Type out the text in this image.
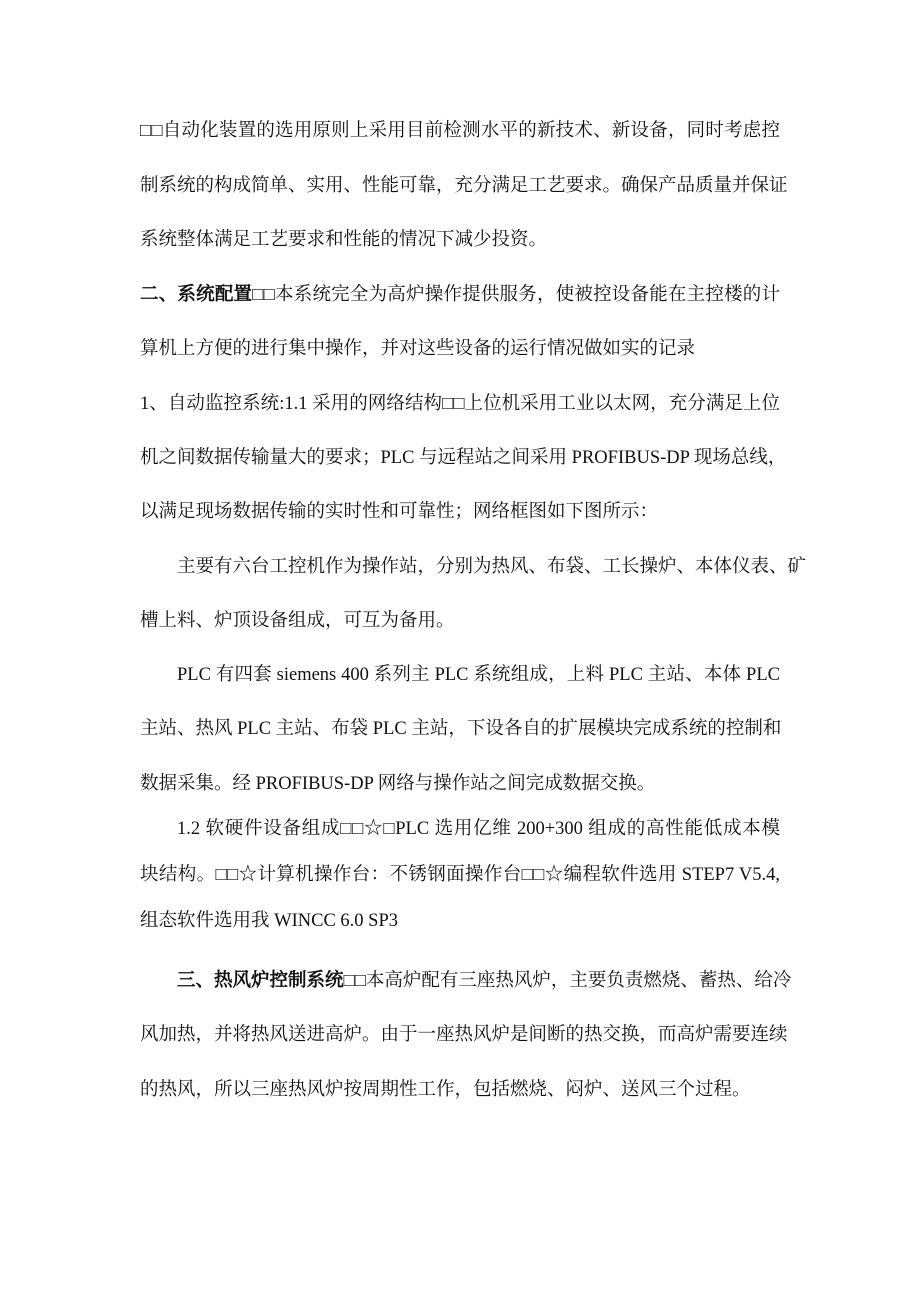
□□自动化装置的选用原则上采用目前检测水平的新技术、新设备，同时考虑控
制系统的构成简单、实用、性能可靠，充分满足工艺要求。确保产品质量并保证
系统整体满足工艺要求和性能的情况下减少投资。
二、系统配置□□本系统完全为高炉操作提供服务，使被控设备能在主控楼的计
算机上方便的进行集中操作，并对这些设备的运行情况做如实的记录
1、自动监控系统:1.1 采用的网络结构□□上位机采用工业以太网，充分满足上位
机之间数据传输量大的要求；PLC 与远程站之间采用 PROFIBUS-DP 现场总线，
以满足现场数据传输的实时性和可靠性；网络框图如下图所示：
主要有六台工控机作为操作站，分别为热风、布袋、工长操炉、本体仪表、矿
槽上料、炉顶设备组成，可互为备用。
PLC 有四套 siemens 400 系列主 PLC 系统组成，上料 PLC 主站、本体 PLC
主站、热风 PLC 主站、布袋 PLC 主站，下设各自的扩展模块完成系统的控制和
数据采集。经 PROFIBUS-DP 网络与操作站之间完成数据交换。
1.2 软硬件设备组成□□☆□PLC 选用亿维 200+300 组成的高性能低成本模
块结构。□□☆计算机操作台：不锈钢面操作台□□☆编程软件选用 STEP7 V5.4,
组态软件选用我 WINCC 6.0 SP3
三、热风炉控制系统□□本高炉配有三座热风炉，主要负责燃烧、蓄热、给冷
风加热，并将热风送进高炉。由于一座热风炉是间断的热交换，而高炉需要连续
的热风，所以三座热风炉按周期性工作，包括燃烧、闷炉、送风三个过程。
